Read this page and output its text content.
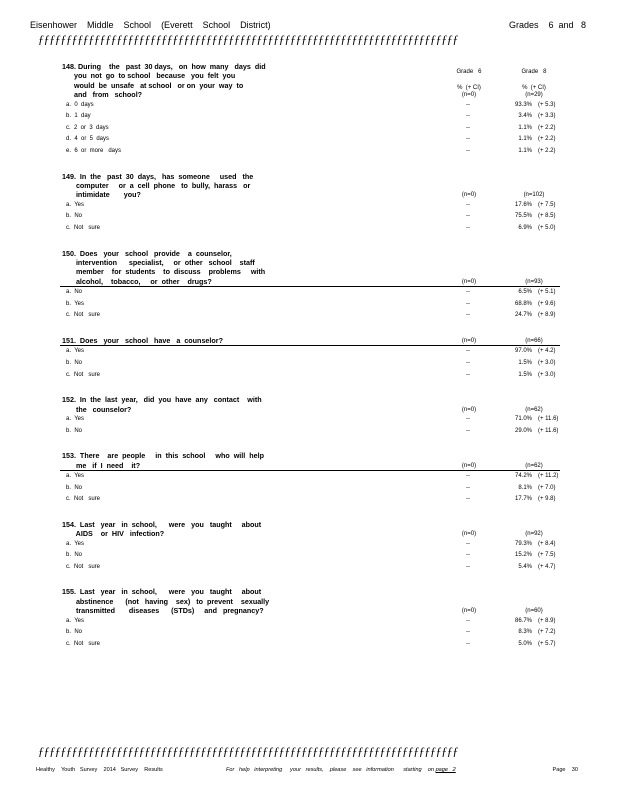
Eisenhower    Middle    School    (Everett    School    District)	Grades    6  and   8
ƒƒƒƒƒƒƒƒƒƒƒƒƒƒƒƒƒƒƒƒƒƒƒƒƒƒƒƒƒƒƒƒƒƒƒƒƒƒƒƒƒƒƒƒƒƒƒƒƒƒƒƒƒƒƒƒƒƒƒƒƒƒƒƒƒƒƒƒƒƒƒƒƒƒƒ
148. During    the   past  30 days,   on  how  many   days  did
you  not  go  to school   because   you  felt  you
would  be  unsafe   at school   or on  your  way  to
and   from   school?	(n=0)	(n=29)
%  (+ CI)	%  (+ CI)
Grade   6	Grade   8
a.  0  days	--	93.3% (+ 5.3)
b.  1  day	--	3.4% (+ 3.3)
c.  2  or  3  days	--	1.1% (+ 2.2)
d.  4  or  5  days	--	1.1% (+ 2.2)
e.  6  or  more   days	--	1.1% (+ 2.2)
149.  In  the   past  30  days,   has  someone     used   the
computer     or  a  cell  phone   to  bully,  harass   or
intimidate       you?	(n=0)	(n=102)
a.  Yes	--	17.6% (+ 7.5)
b.  No	--	75.5% (+ 8.5)
c.  Not   sure	--	6.9% (+ 5.0)
150.  Does   your   school   provide    a  counselor,
intervention      specialist,     or  other   school    staff
member    for  students    to  discuss    problems     with
alcohol,    tobacco,     or  other    drugs?	(n=0)	(n=93)
a.  No	--	6.5% (+ 5.1)
b.  Yes	--	68.8% (+ 9.6)
c.  Not   sure	--	24.7% (+ 8.9)
151.  Does   your   school   have   a  counselor?	(n=0)	(n=66)
a.  Yes	--	97.0% (+ 4.2)
b.  No	--	1.5% (+ 3.0)
c.  Not   sure	--	1.5% (+ 3.0)
152.  In  the  last  year,   did  you  have  any   contact    with
the   counselor?	(n=0)	(n=62)
a.  Yes	--	71.0% (+ 11.6)
b.  No	--	29.0% (+ 11.6)
153.  There    are  people     in  this  school     who  will  help
me   if  I  need    it?	(n=0)	(n=62)
a.  Yes	--	74.2% (+ 11.2)
b.  No	--	8.1% (+ 7.0)
c.  Not   sure	--	17.7% (+ 9.8)
154.  Last   year   in  school,      were   you   taught     about
AIDS    or  HIV   infection?	(n=0)	(n=92)
a.  Yes	--	79.3% (+ 8.4)
b.  No	--	15.2% (+ 7.5)
c.  Not   sure	--	5.4% (+ 4.7)
155.  Last   year   in  school,      were   you   taught     about
abstinence      (not   having    sex)   to  prevent    sexually
transmitted       diseases      (STDs)     and   pregnancy?	(n=0)	(n=60)
a.  Yes	--	86.7% (+ 8.9)
b.  No	--	8.3% (+ 7.2)
c.  Not   sure	--	5.0% (+ 5.7)
ƒƒƒƒƒƒƒƒƒƒƒƒƒƒƒƒƒƒƒƒƒƒƒƒƒƒƒƒƒƒƒƒƒƒƒƒƒƒƒƒƒƒƒƒƒƒƒƒƒƒƒƒƒƒƒƒƒƒƒƒƒƒƒƒƒƒƒƒƒƒƒƒƒƒƒ
Healthy    Youth   Survey    2014   Survey    Results	For   help   interpreting     your   results,    please    see   information      starting    on page   2	Page    30
